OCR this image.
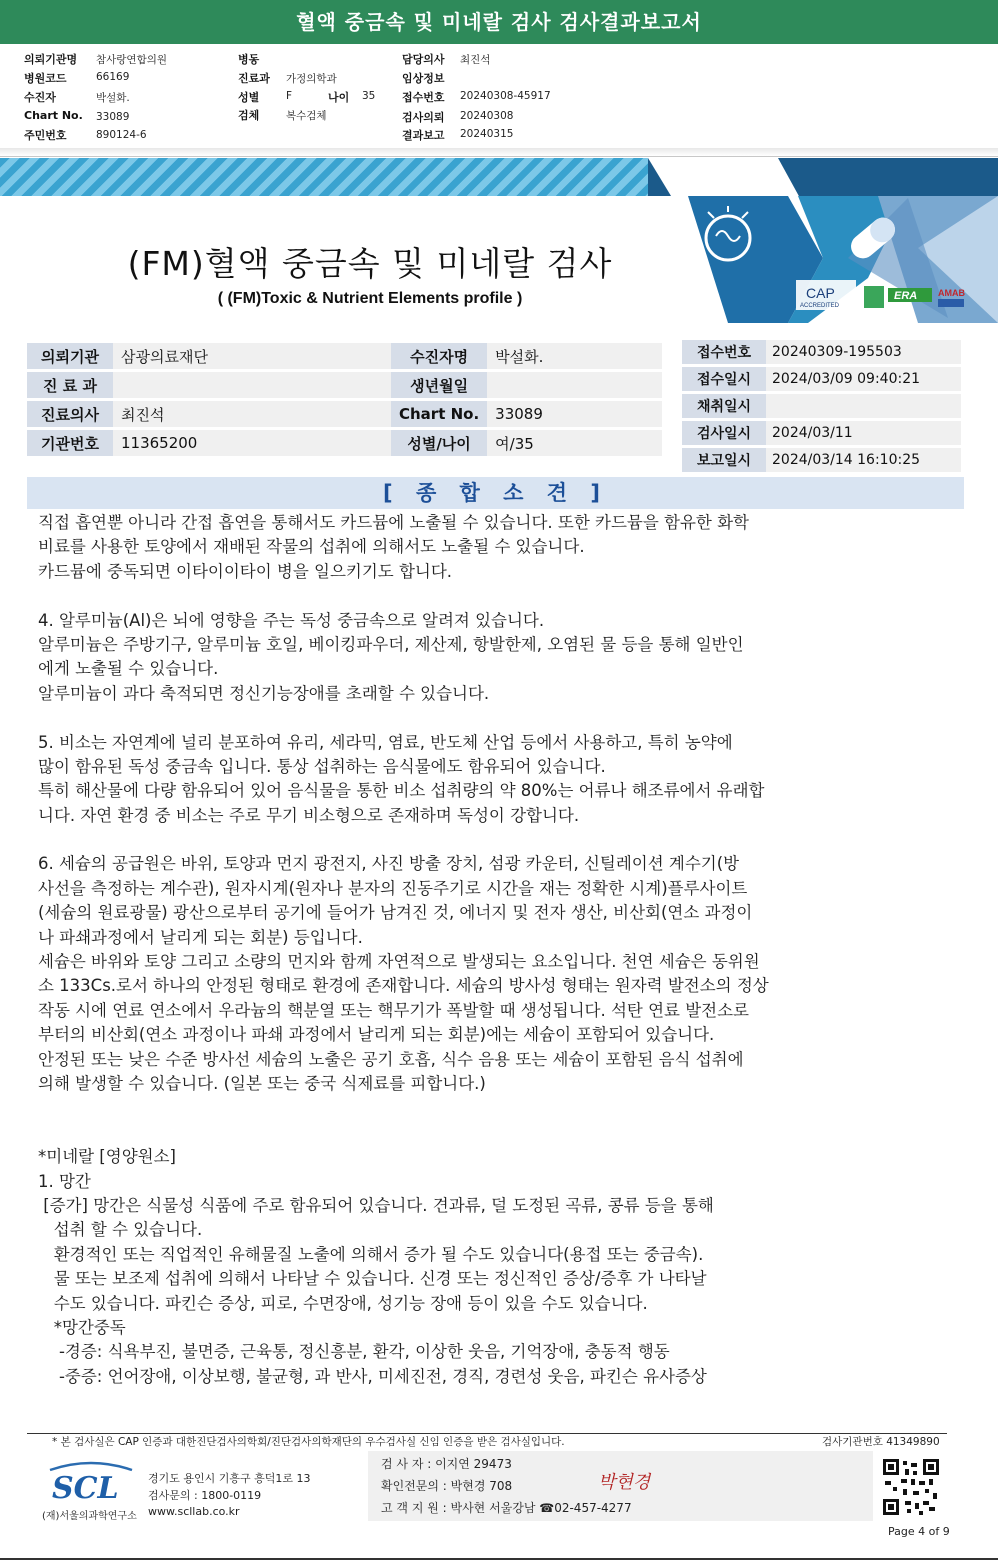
혈액 중금속 및 미네랄 검사 검사결과보고서
의뢰기관명 참사랑연합의원
병원코드	66169
수진자	박설화.
Chart No. 33089
주민번호	890124-6
병동
진료과 가정의학과
성별	F	나이 35
검체	복수검체
담당의사 최진석
임상정보
접수번호 20240308-45917
검사의뢰 20240308
결과보고 20240315
CAP
ACCREDITED
ERA AMAB
(FM)혈액 중금속 및 미네랄 검사
( (FM)Toxic & Nutrient Elements profile )
의뢰기관	삼광의료재단	수진자명	박설화.
진 료 과		생년월일	
진료의사	최진석	Chart No.	33089
기관번호	11365200	성별/나이	여/35
접수번호	20240309-195503
접수일시	2024/03/09 09:40:21
채취일시	
검사일시	2024/03/11
보고일시	2024/03/14 16:10:25
[ 종 합 소 견 ]
직접 흡연뿐 아니라 간접 흡연을 통해서도 카드뮴에 노출될 수 있습니다. 또한 카드뮴을 함유한 화학
비료를 사용한 토양에서 재배된 작물의 섭취에 의해서도 노출될 수 있습니다.
카드뮴에 중독되면 이타이이타이 병을 일으키기도 합니다.
4. 알루미늄(Al)은 뇌에 영향을 주는 독성 중금속으로 알려져 있습니다.
알루미늄은 주방기구, 알루미늄 호일, 베이킹파우더, 제산제, 항발한제, 오염된 물 등을 통해 일반인
에게 노출될 수 있습니다.
알루미늄이 과다 축적되면 정신기능장애를 초래할 수 있습니다.
5. 비소는 자연계에 널리 분포하여 유리, 세라믹, 염료, 반도체 산업 등에서 사용하고, 특히 농약에
많이 함유된 독성 중금속 입니다. 통상 섭취하는 음식물에도 함유되어 있습니다.
특히 해산물에 다량 함유되어 있어 음식물을 통한 비소 섭취량의 약 80%는 어류나 해조류에서 유래합
니다. 자연 환경 중 비소는 주로 무기 비소형으로 존재하며 독성이 강합니다.
6. 세슘의 공급원은 바위, 토양과 먼지 광전지, 사진 방출 장치, 섬광 카운터, 신틸레이션 계수기(방
사선을 측정하는 계수관), 원자시계(원자나 분자의 진동주기로 시간을 재는 정확한 시계)플루사이트
(세슘의 원료광물) 광산으로부터 공기에 들어가 남겨진 것, 에너지 및 전자 생산, 비산회(연소 과정이
나 파쇄과정에서 날리게 되는 회분) 등입니다.
세슘은 바위와 토양 그리고 소량의 먼지와 함께 자연적으로 발생되는 요소입니다. 천연 세슘은 동위원
소 133Cs.로서 하나의 안정된 형태로 환경에 존재합니다. 세슘의 방사성 형태는 원자력 발전소의 정상
작동 시에 연료 연소에서 우라늄의 핵분열 또는 핵무기가 폭발할 때 생성됩니다. 석탄 연료 발전소로
부터의 비산회(연소 과정이나 파쇄 과정에서 날리게 되는 회분)에는 세슘이 포함되어 있습니다.
안정된 또는 낮은 수준 방사선 세슘의 노출은 공기 호흡, 식수 음용 또는 세슘이 포함된 음식 섭취에
의해 발생할 수 있습니다. (일본 또는 중국 식제료를 피합니다.)
*미네랄 [영양원소]
1. 망간
[증가] 망간은 식물성 식품에 주로 함유되어 있습니다. 견과류, 덜 도정된 곡류, 콩류 등을 통해
섭취 할 수 있습니다.
환경적인 또는 직업적인 유해물질 노출에 의해서 증가 될 수도 있습니다(용접 또는 중금속).
물 또는 보조제 섭취에 의해서 나타날 수 있습니다. 신경 또는 정신적인 증상/증후 가 나타날
수도 있습니다. 파킨슨 증상, 피로, 수면장애, 성기능 장애 등이 있을 수도 있습니다.
*망간중독
-경증: 식욕부진, 불면증, 근육통, 정신흥분, 환각, 이상한 웃음, 기억장애, 충동적 행동
-중증: 언어장애, 이상보행, 불균형, 과 반사, 미세진전, 경직, 경련성 웃음, 파킨슨 유사증상
* 본 검사실은 CAP 인증과 대한진단검사의학회/진단검사의학재단의 우수검사실 신임 인증을 받은 검사실입니다.	검사기관번호 41349890
SCL
(재)서울의과학연구소
경기도 용인시 기흥구 흥덕1로 13
검사문의 : 1800-0119
www.scllab.co.kr
검 사 자 : 이지연 29473
확인전문의 : 박현경 708
고 객 지 원 : 박사현 서울강남 ☎02-457-4277
박현경
Page 4 of 9
